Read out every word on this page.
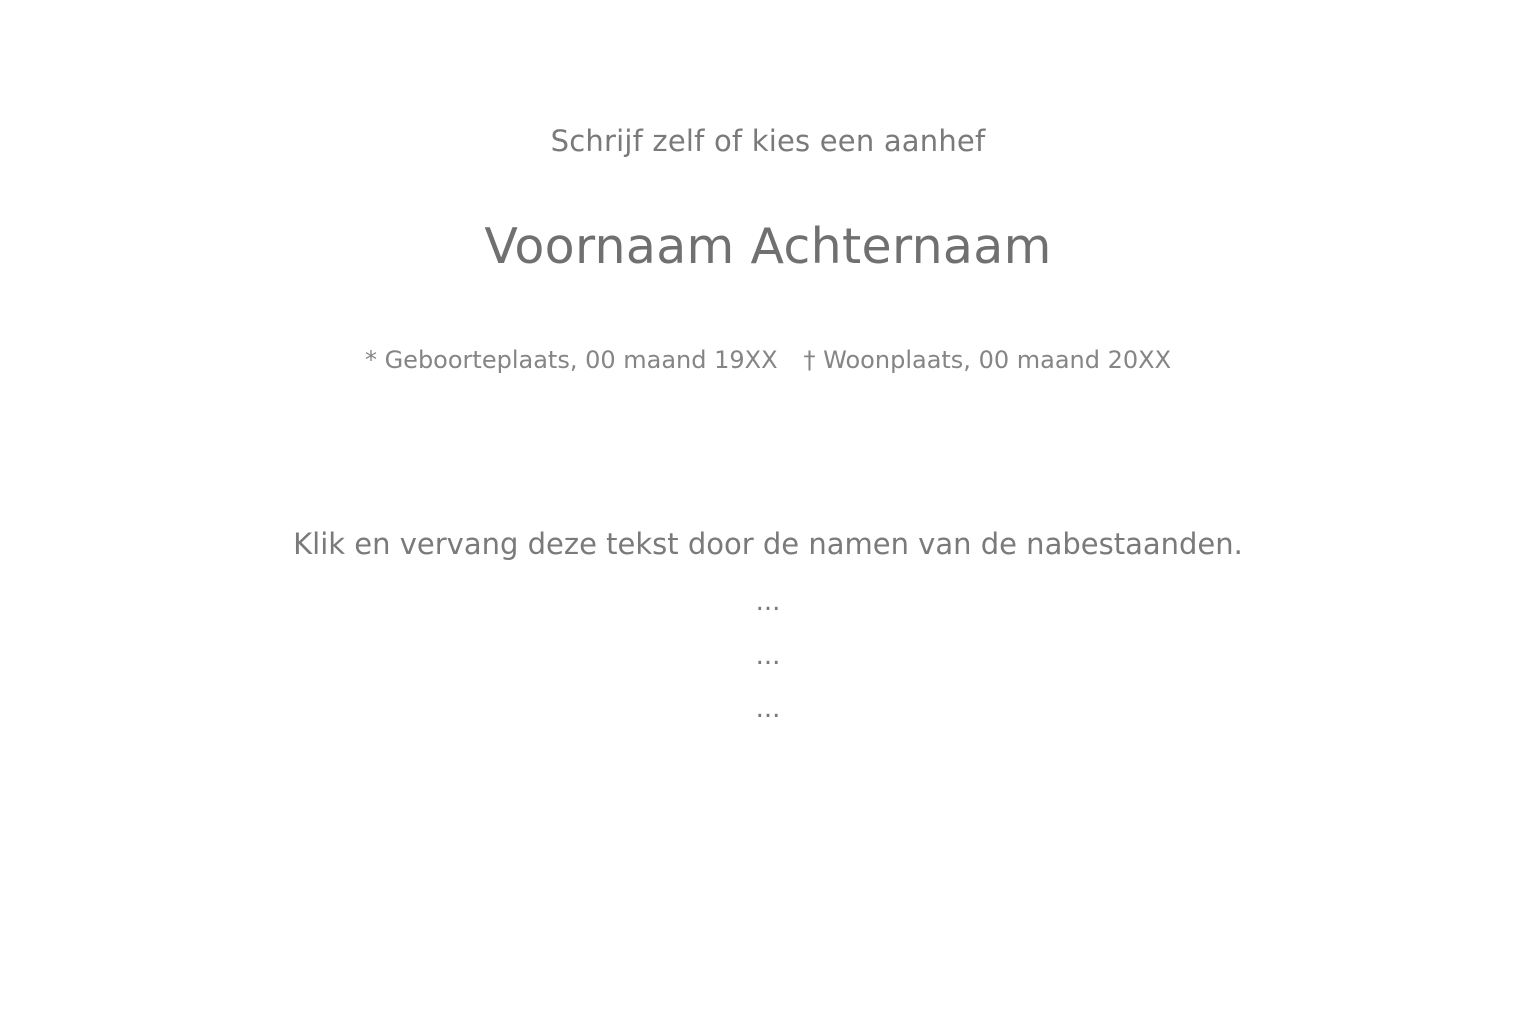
Schrijf zelf of kies een aanhef
Voornaam Achternaam
* Geboorteplaats, 00 maand 19XX † Woonplaats, 00 maand 20XX
Klik en vervang deze tekst door de namen van de nabestaanden.
...
...
...
